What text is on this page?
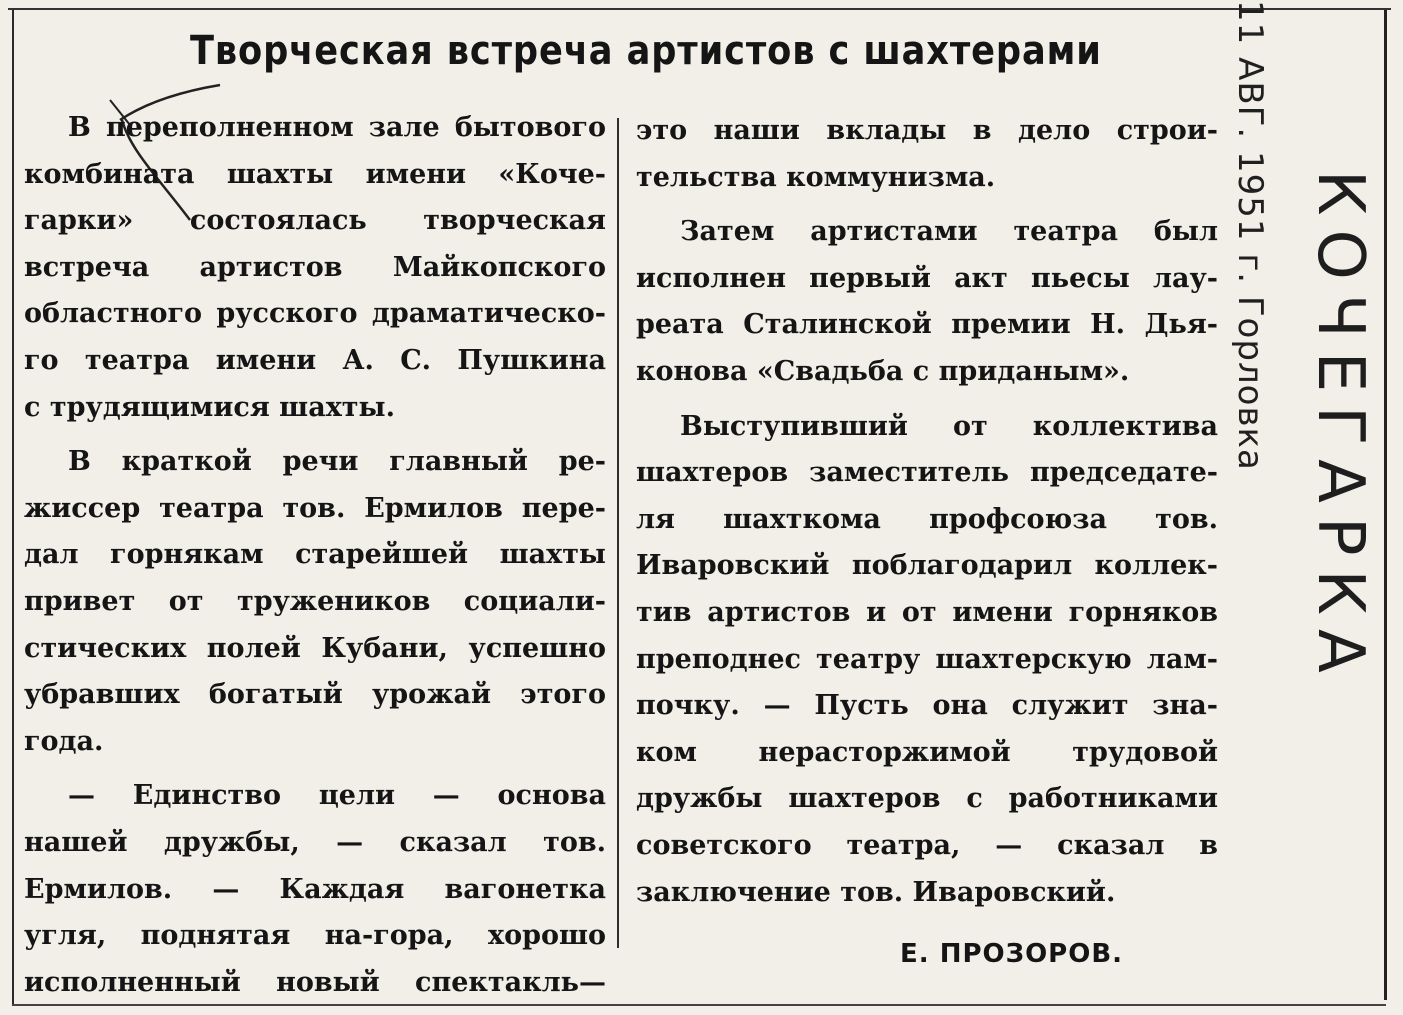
Творческая встреча артистов с шахтерами
В переполненном зале бытового
комбината шахты имени «Коче-
гарки» состоялась творческая
встреча артистов Майкопского
областного русского драматическо-
го театра имени А. С. Пушкина
с трудящимися шахты.
В краткой речи главный ре-
жиссер театра тов. Ермилов пере-
дал горнякам старейшей шахты
привет от тружеников социали-
стических полей Кубани, успешно
убравших богатый урожай этого
года.
— Единство цели — основа
нашей дружбы, — сказал тов.
Ермилов. — Каждая вагонетка
угля, поднятая на-гора, хорошо
исполненный новый спектакль—
это наши вклады в дело строи-
тельства коммунизма.
Затем артистами театра был
исполнен первый акт пьесы лау-
реата Сталинской премии Н. Дья-
конова «Свадьба с приданым».
Выступивший от коллектива
шахтеров заместитель председате-
ля шахткома профсоюза тов.
Иваровский поблагодарил коллек-
тив артистов и от имени горняков
преподнес театру шахтерскую лам-
почку. — Пусть она служит зна-
ком нерасторжимой трудовой
дружбы шахтеров с работниками
советского театра, — сказал в
заключение тов. Иваровский.
Е. ПРОЗОРОВ.
11 АВГ. 1951 г. Горловка КОЧЕГАРКА
